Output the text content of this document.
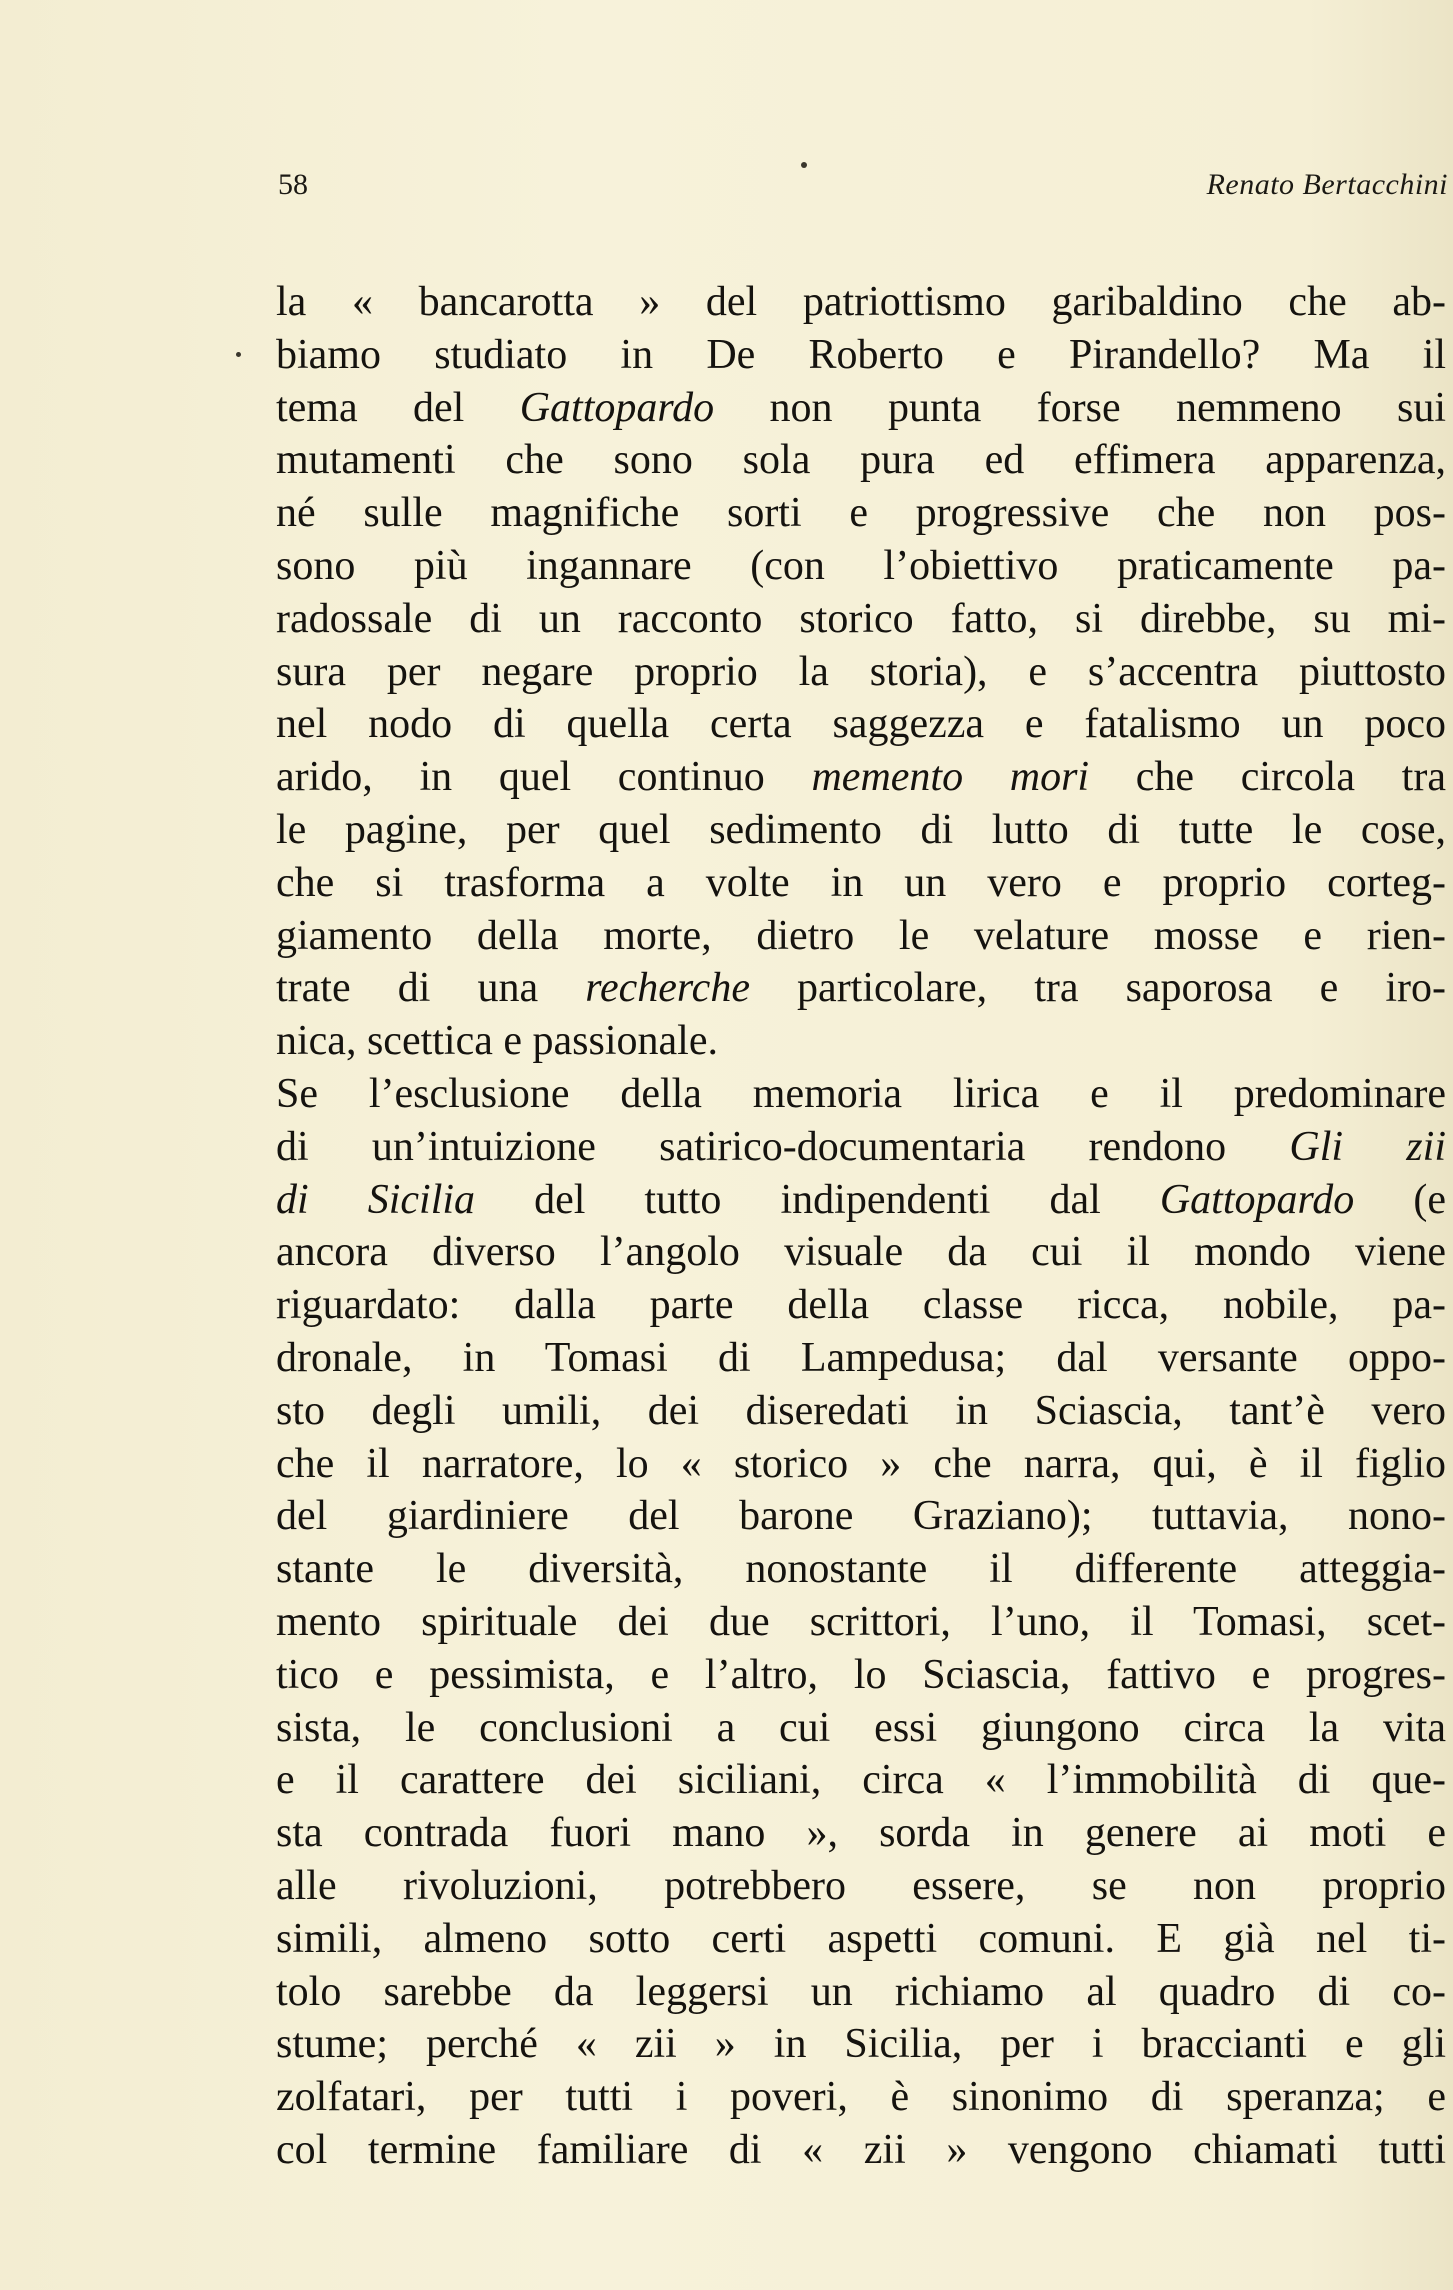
58	Renato Bertacchini
la « bancarotta » del patriottismo garibaldino che ab-
biamo studiato in De Roberto e Pirandello? Ma il
tema del Gattopardo non punta forse nemmeno sui
mutamenti che sono sola pura ed effimera apparenza,
né sulle magnifiche sorti e progressive che non pos-
sono più ingannare (con l’obiettivo praticamente pa-
radossale di un racconto storico fatto, si direbbe, su mi-
sura per negare proprio la storia), e s’accentra piuttosto
nel nodo di quella certa saggezza e fatalismo un poco
arido, in quel continuo memento mori che circola tra
le pagine, per quel sedimento di lutto di tutte le cose,
che si trasforma a volte in un vero e proprio corteg-
giamento della morte, dietro le velature mosse e rien-
trate di una recherche particolare, tra saporosa e iro-
nica, scettica e passionale.
Se l’esclusione della memoria lirica e il predominare
di un’intuizione satirico-documentaria rendono Gli zii
di Sicilia del tutto indipendenti dal Gattopardo (e
ancora diverso l’angolo visuale da cui il mondo viene
riguardato: dalla parte della classe ricca, nobile, pa-
dronale, in Tomasi di Lampedusa; dal versante oppo-
sto degli umili, dei diseredati in Sciascia, tant’è vero
che il narratore, lo « storico » che narra, qui, è il figlio
del giardiniere del barone Graziano); tuttavia, nono-
stante le diversità, nonostante il differente atteggia-
mento spirituale dei due scrittori, l’uno, il Tomasi, scet-
tico e pessimista, e l’altro, lo Sciascia, fattivo e progres-
sista, le conclusioni a cui essi giungono circa la vita
e il carattere dei siciliani, circa « l’immobilità di que-
sta contrada fuori mano », sorda in genere ai moti e
alle rivoluzioni, potrebbero essere, se non proprio
simili, almeno sotto certi aspetti comuni. E già nel ti-
tolo sarebbe da leggersi un richiamo al quadro di co-
stume; perché « zii » in Sicilia, per i braccianti e gli
zolfatari, per tutti i poveri, è sinonimo di speranza; e
col termine familiare di « zii » vengono chiamati tutti
